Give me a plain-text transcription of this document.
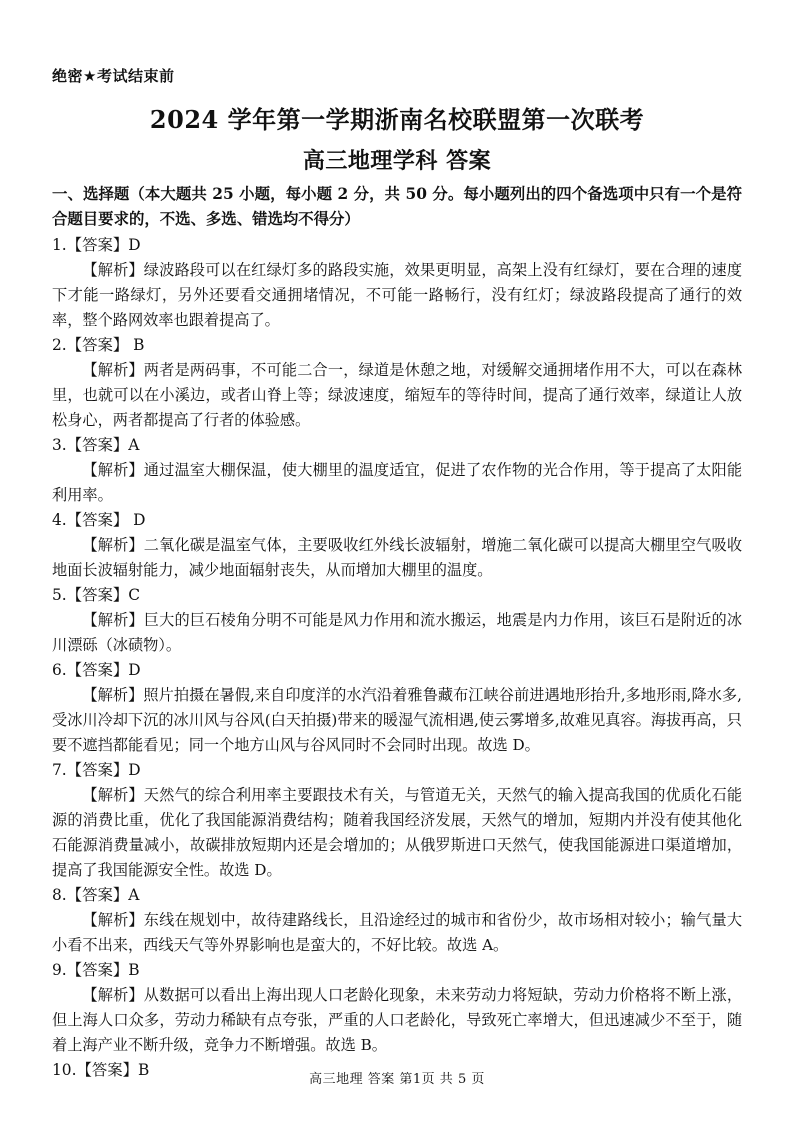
绝密★考试结束前
2024 学年第一学期浙南名校联盟第一次联考
高三地理学科 答案
一、选择题（本大题共 25 小题，每小题 2 分，共 50 分。每小题列出的四个备选项中只有一个是符合题目要求的，不选、多选、错选均不得分）
1.【答案】D
【解析】绿波路段可以在红绿灯多的路段实施，效果更明显，高架上没有红绿灯，要在合理的速度下才能一路绿灯，另外还要看交通拥堵情况，不可能一路畅行，没有红灯；绿波路段提高了通行的效率，整个路网效率也跟着提高了。
2.【答案】 B
【解析】两者是两码事，不可能二合一，绿道是休憩之地，对缓解交通拥堵作用不大，可以在森林里，也就可以在小溪边，或者山脊上等；绿波速度，缩短车的等待时间，提高了通行效率，绿道让人放松身心，两者都提高了行者的体验感。
3.【答案】A
【解析】通过温室大棚保温，使大棚里的温度适宜，促进了农作物的光合作用，等于提高了太阳能利用率。
4.【答案】 D
【解析】二氧化碳是温室气体，主要吸收红外线长波辐射，增施二氧化碳可以提高大棚里空气吸收地面长波辐射能力，减少地面辐射丧失，从而增加大棚里的温度。
5.【答案】C
【解析】巨大的巨石棱角分明不可能是风力作用和流水搬运，地震是内力作用，该巨石是附近的冰川漂砾（冰碛物）。
6.【答案】D
【解析】照片拍摄在暑假,来自印度洋的水汽沿着雅鲁藏布江峡谷前进遇地形抬升,多地形雨,降水多,受冰川冷却下沉的冰川风与谷风(白天拍摄)带来的暖湿气流相遇,使云雾增多,故难见真容。海拔再高，只要不遮挡都能看见；同一个地方山风与谷风同时不会同时出现。故选 D。
7.【答案】D
【解析】天然气的综合利用率主要跟技术有关，与管道无关，天然气的输入提高我国的优质化石能源的消费比重，优化了我国能源消费结构；随着我国经济发展，天然气的增加，短期内并没有使其他化石能源消费量减小，故碳排放短期内还是会增加的；从俄罗斯进口天然气，使我国能源进口渠道增加，提高了我国能源安全性。故选 D。
8.【答案】A
【解析】东线在规划中，故待建路线长，且沿途经过的城市和省份少，故市场相对较小；输气量大小看不出来，西线天气等外界影响也是蛮大的，不好比较。故选 A。
9.【答案】B
【解析】从数据可以看出上海出现人口老龄化现象，未来劳动力将短缺，劳动力价格将不断上涨，但上海人口众多，劳动力稀缺有点夸张，严重的人口老龄化，导致死亡率增大，但迅速减少不至于，随着上海产业不断升级，竞争力不断增强。故选 B。
10.【答案】B
高三地理 答案 第1页 共 5 页
